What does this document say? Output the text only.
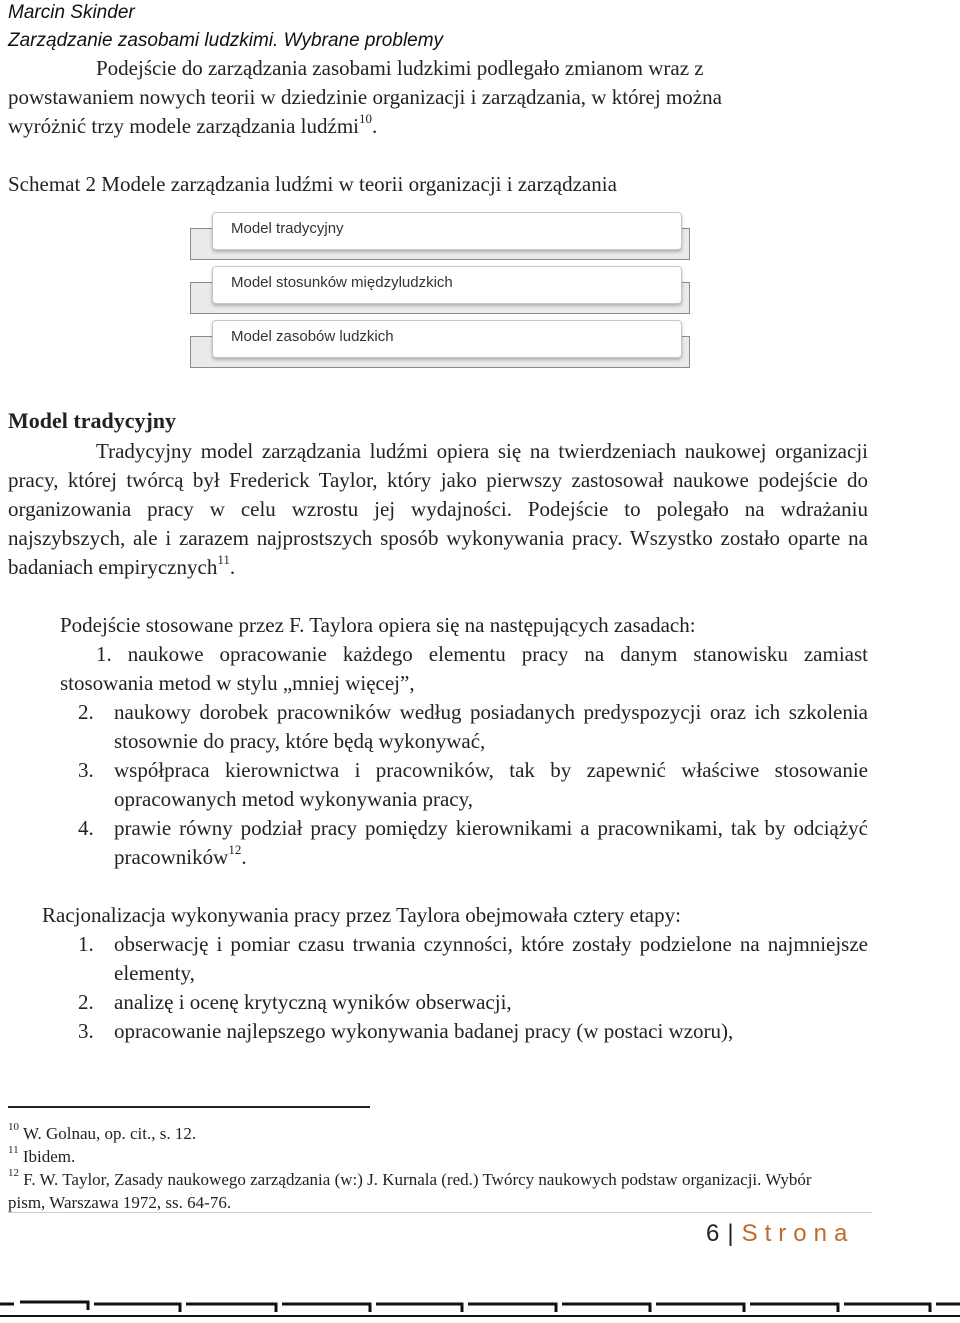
Marcin Skinder
Zarządzanie zasobami ludzkimi. Wybrane problemy
Podejście do zarządzania zasobami ludzkimi podlegało zmianom wraz z
powstawaniem nowych teorii w dziedzinie organizacji i zarządzania, w której można
wyróżnić trzy modele zarządzania ludźmi$^{10}$.
Schemat 2 Modele zarządzania ludźmi w teorii organizacji i zarządzania
Model tradycyjny
Model stosunków międzyludzkich
Model zasobów ludzkich
Model tradycyjny

Tradycyjny model zarządzania ludźmi opiera się na twierdzeniach naukowej organizacji pracy, której twórcą był Frederick Taylor, który jako pierwszy zastosował naukowe podejście do organizowania pracy w celu wzrostu jej wydajności. Podejście to polegało na wdrażaniu najszybszych, ale i zarazem najprostszych sposób wykonywania pracy. Wszystko zostało oparte na badaniach empirycznych$^{11}$.

Podejście stosowane przez F. Taylora opiera się na następujących zasadach:

1. naukowe opracowanie każdego elementu pracy na danym stanowisku zamiast stosowania metod w stylu „mniej więcej”,

2. naukowy dorobek pracowników według posiadanych predyspozycji oraz ich szkolenia stosownie do pracy, które będą wykonywać,

3. współpraca kierownictwa i pracowników, tak by zapewnić właściwe stosowanie opracowanych metod wykonywania pracy,

4. prawie równy podział pracy pomiędzy kierownikami a pracownikami, tak by odciążyć pracowników$^{12}$.

Racjonalizacja wykonywania pracy przez Taylora obejmowała cztery etapy:
1. obserwację i pomiar czasu trwania czynności, które zostały podzielone na najmniejsze elementy,

2. analizę i ocenę krytyczną wyników obserwacji,

3. opracowanie najlepszego wykonywania badanej pracy (w postaci wzoru),

$^{10}$ W. Golnau, op. cit., s. 12.

$^{11}$ Ibidem.

$^{12}$ F. W. Taylor, Zasady naukowego zarządzania (w:) J. Kurnala (red.) Twórcy naukowych podstaw organizacji. Wybór pism, Warszawa 1972, ss. 64-76.

6 | Strona
